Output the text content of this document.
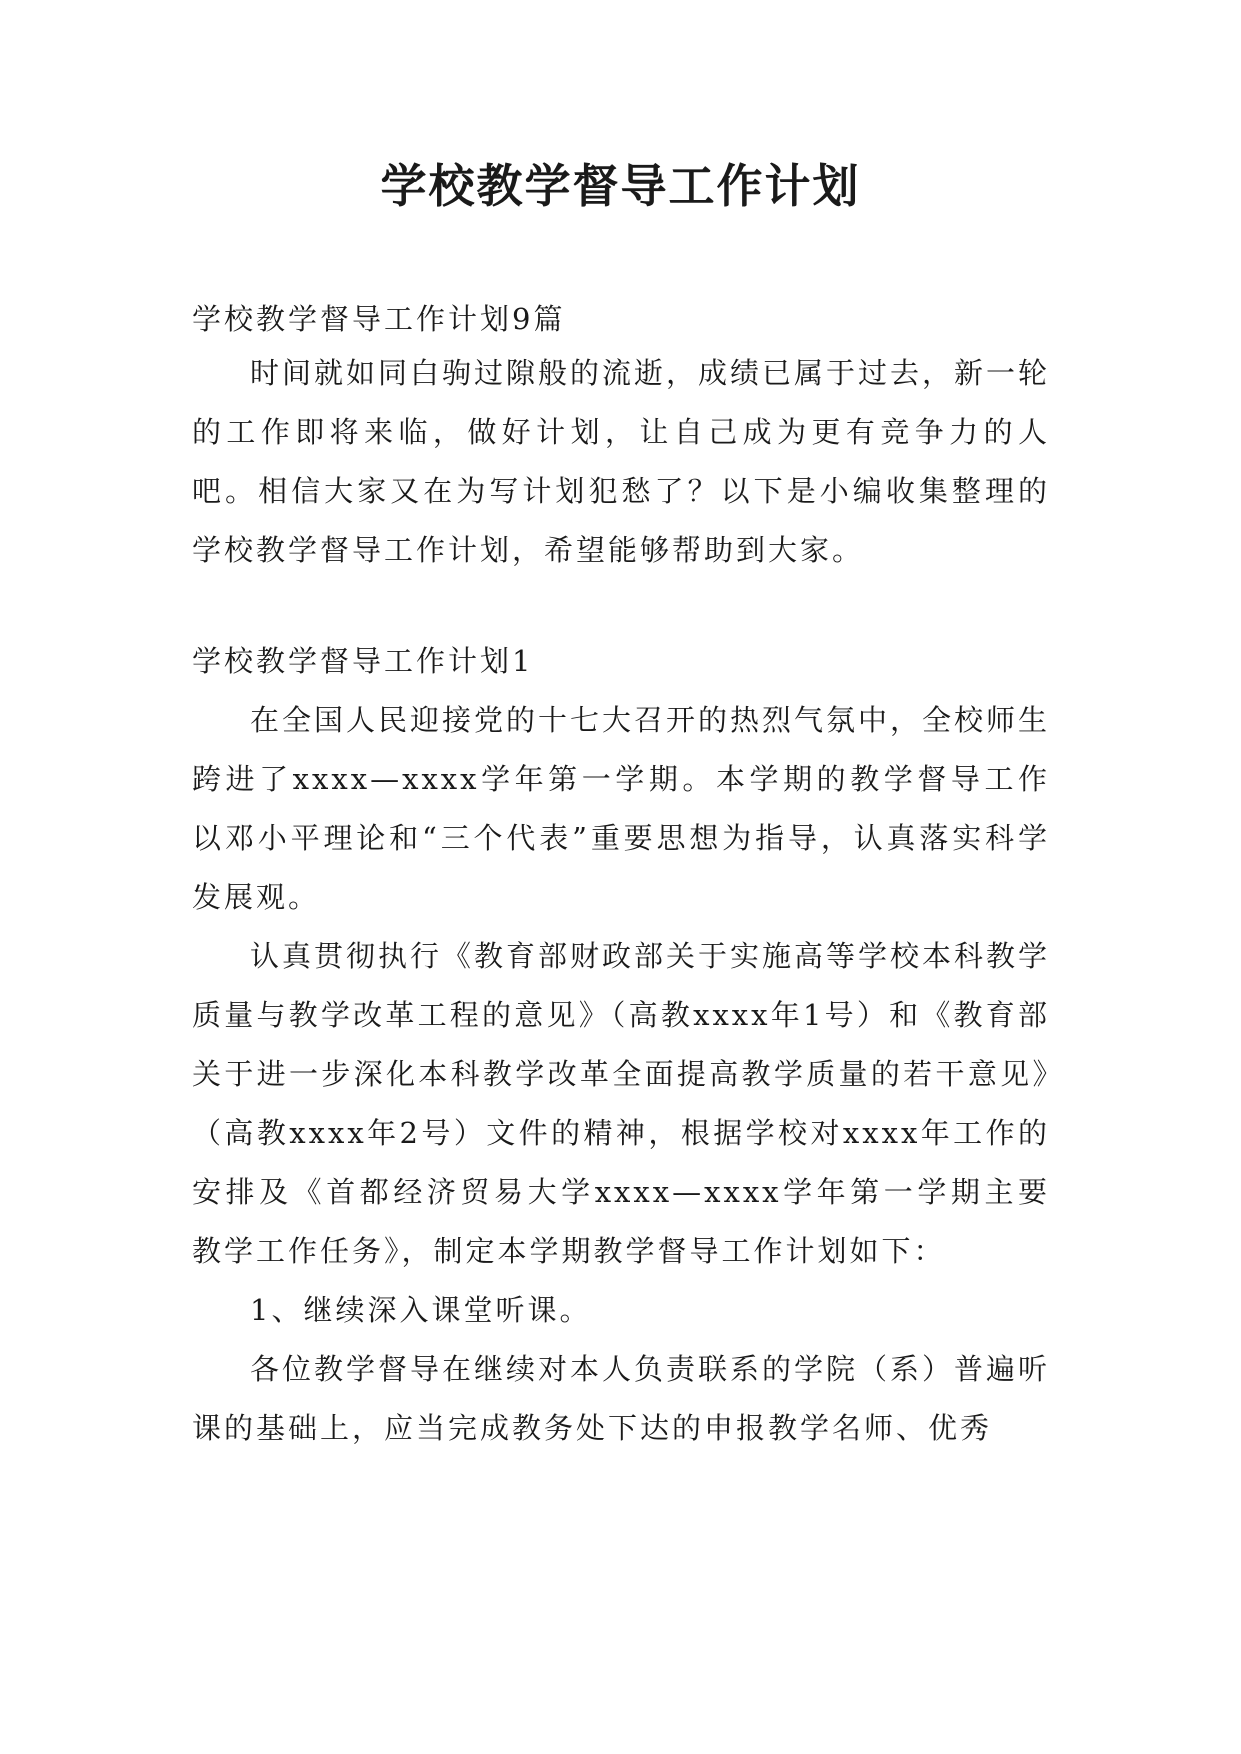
学校教学督导工作计划

学校教学督导工作计划9篇

时间就如同白驹过隙般的流逝，成绩已属于过去，新一轮的工作即将来临，做好计划，让自己成为更有竞争力的人吧。相信大家又在为写计划犯愁了？以下是小编收集整理的学校教学督导工作计划，希望能够帮助到大家。

学校教学督导工作计划1

在全国人民迎接党的十七大召开的热烈气氛中，全校师生跨进了xxxx—xxxx学年第一学期。本学期的教学督导工作以邓小平理论和“三个代表”重要思想为指导，认真落实科学发展观。

认真贯彻执行《教育部财政部关于实施高等学校本科教学质量与教学改革工程的意见》（高教xxxx年1号）和《教育部关于进一步深化本科教学改革全面提高教学质量的若干意见》（高教xxxx年2号）文件的精神，根据学校对xxxx年工作的安排及《首都经济贸易大学xxxx—xxxx学年第一学期主要教学工作任务》，制定本学期教学督导工作计划如下：

1、继续深入课堂听课。

各位教学督导在继续对本人负责联系的学院（系）普遍听课的基础上，应当完成教务处下达的申报教学名师、优秀
